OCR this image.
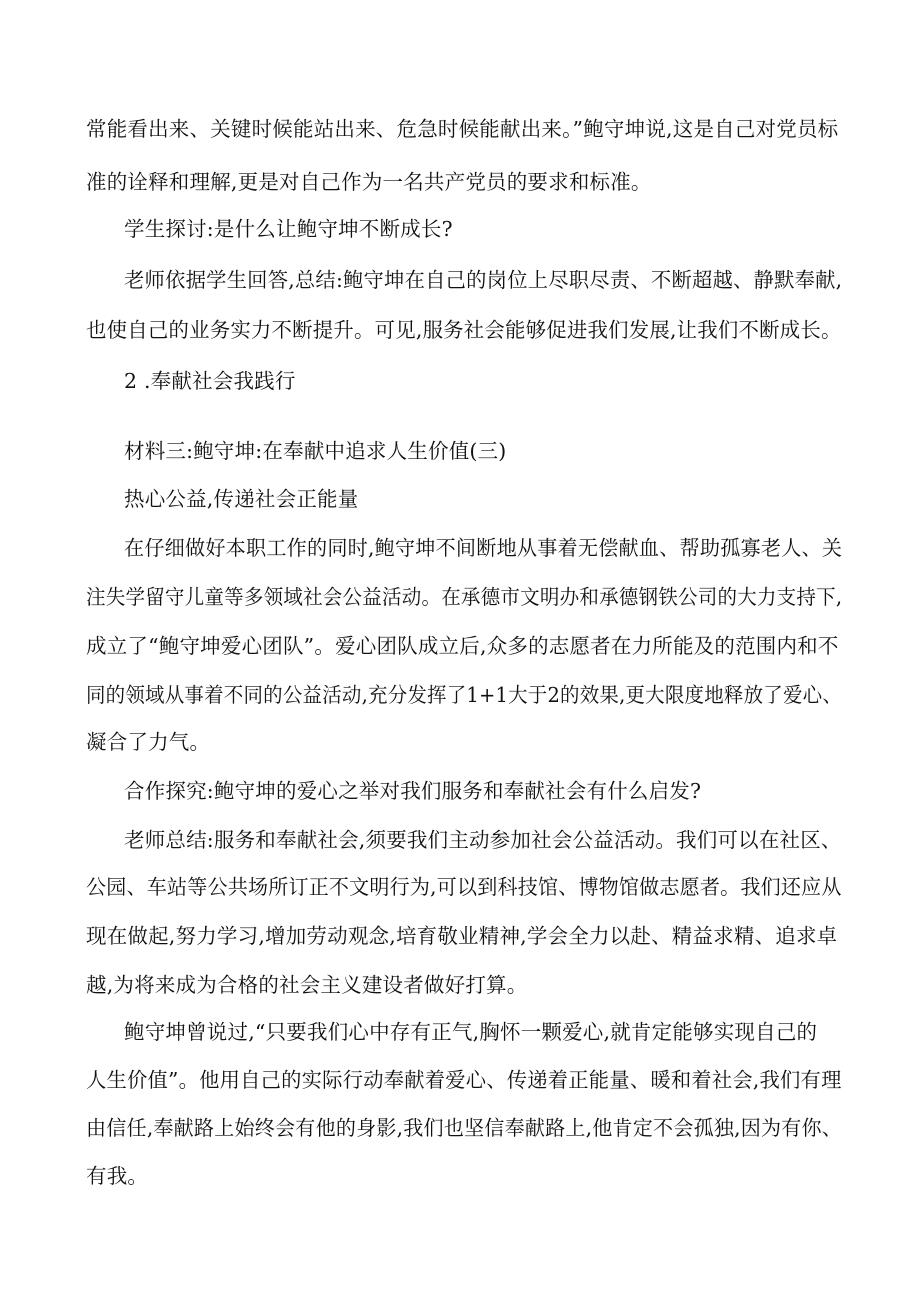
常能看出来、关键时候能站出来、危急时候能献出来。”鲍守坤说,这是自己对党员标
准的诠释和理解,更是对自己作为一名共产党员的要求和标准。
学生探讨:是什么让鲍守坤不断成长?
老师依据学生回答,总结:鲍守坤在自己的岗位上尽职尽责、不断超越、静默奉献,
也使自己的业务实力不断提升。可见,服务社会能够促进我们发展,让我们不断成长。
2 .奉献社会我践行
材料三:鲍守坤:在奉献中追求人生价值(三)
热心公益,传递社会正能量
在仔细做好本职工作的同时,鲍守坤不间断地从事着无偿献血、帮助孤寡老人、关
注失学留守儿童等多领域社会公益活动。在承德市文明办和承德钢铁公司的大力支持下,
成立了“鲍守坤爱心团队”。爱心团队成立后,众多的志愿者在力所能及的范围内和不
同的领域从事着不同的公益活动,充分发挥了1+1大于2的效果,更大限度地释放了爱心、
凝合了力气。
合作探究:鲍守坤的爱心之举对我们服务和奉献社会有什么启发?
老师总结:服务和奉献社会,须要我们主动参加社会公益活动。我们可以在社区、
公园、车站等公共场所订正不文明行为,可以到科技馆、博物馆做志愿者。我们还应从
现在做起,努力学习,增加劳动观念,培育敬业精神,学会全力以赴、精益求精、追求卓
越,为将来成为合格的社会主义建设者做好打算。
鲍守坤曾说过,“只要我们心中存有正气,胸怀一颗爱心,就肯定能够实现自己的
人生价值”。他用自己的实际行动奉献着爱心、传递着正能量、暖和着社会,我们有理
由信任,奉献路上始终会有他的身影,我们也坚信奉献路上,他肯定不会孤独,因为有你、
有我。
